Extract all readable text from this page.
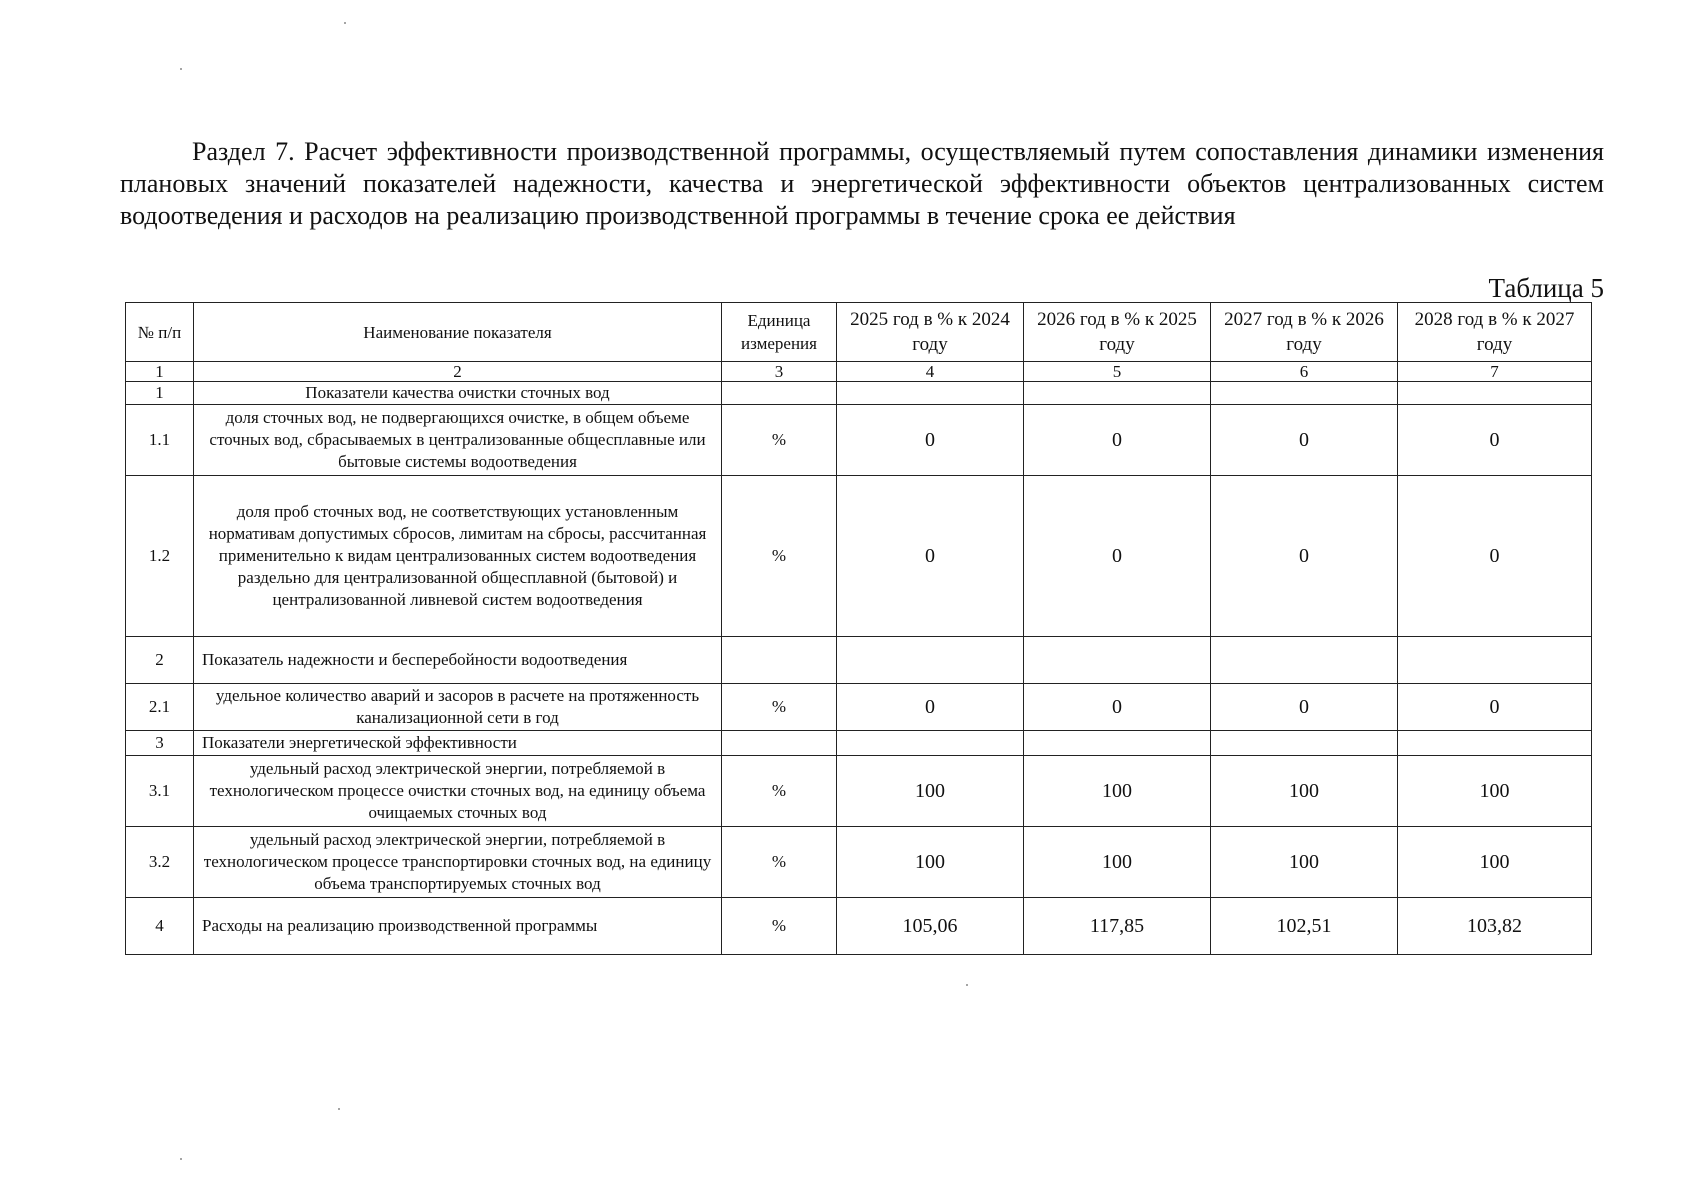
Раздел 7. Расчет эффективности производственной программы, осуществляемый путем сопоставления динамики изменения плановых значений показателей надежности, качества и энергетической эффективности объектов централизованных систем водоотведения и расходов на реализацию производственной программы в течение срока ее действия

Таблица 5
№ п/п	Наименование показателя	Единица измерения	2025 год в % к 2024 году	2026 год в % к 2025 году	2027 год в % к 2026 году	2028 год в % к 2027 году
1	2	3	4	5	6	7
1	Показатели качества очистки сточных вод					
1.1	доля сточных вод, не подвергающихся очистке, в общем объеме сточных вод, сбрасываемых в централизованные общесплавные или бытовые системы водоотведения	%	0	0	0	0
1.2	доля проб сточных вод, не соответствующих установленным нормативам допустимых сбросов, лимитам на сбросы, рассчитанная применительно к видам централизованных систем водоотведения раздельно для централизованной общесплавной (бытовой) и централизованной ливневой систем водоотведения	%	0	0	0	0
2	Показатель надежности и бесперебойности водоотведения					
2.1	удельное количество аварий и засоров в расчете на протяженность канализационной сети в год	%	0	0	0	0
3	Показатели энергетической эффективности					
3.1	удельный расход электрической энергии, потребляемой в технологическом процессе очистки сточных вод, на единицу объема очищаемых сточных вод	%	100	100	100	100
3.2	удельный расход электрической энергии, потребляемой в технологическом процессе транспортировки сточных вод, на единицу объема транспортируемых сточных вод	%	100	100	100	100
4	Расходы на реализацию производственной программы	%	105,06	117,85	102,51	103,82
